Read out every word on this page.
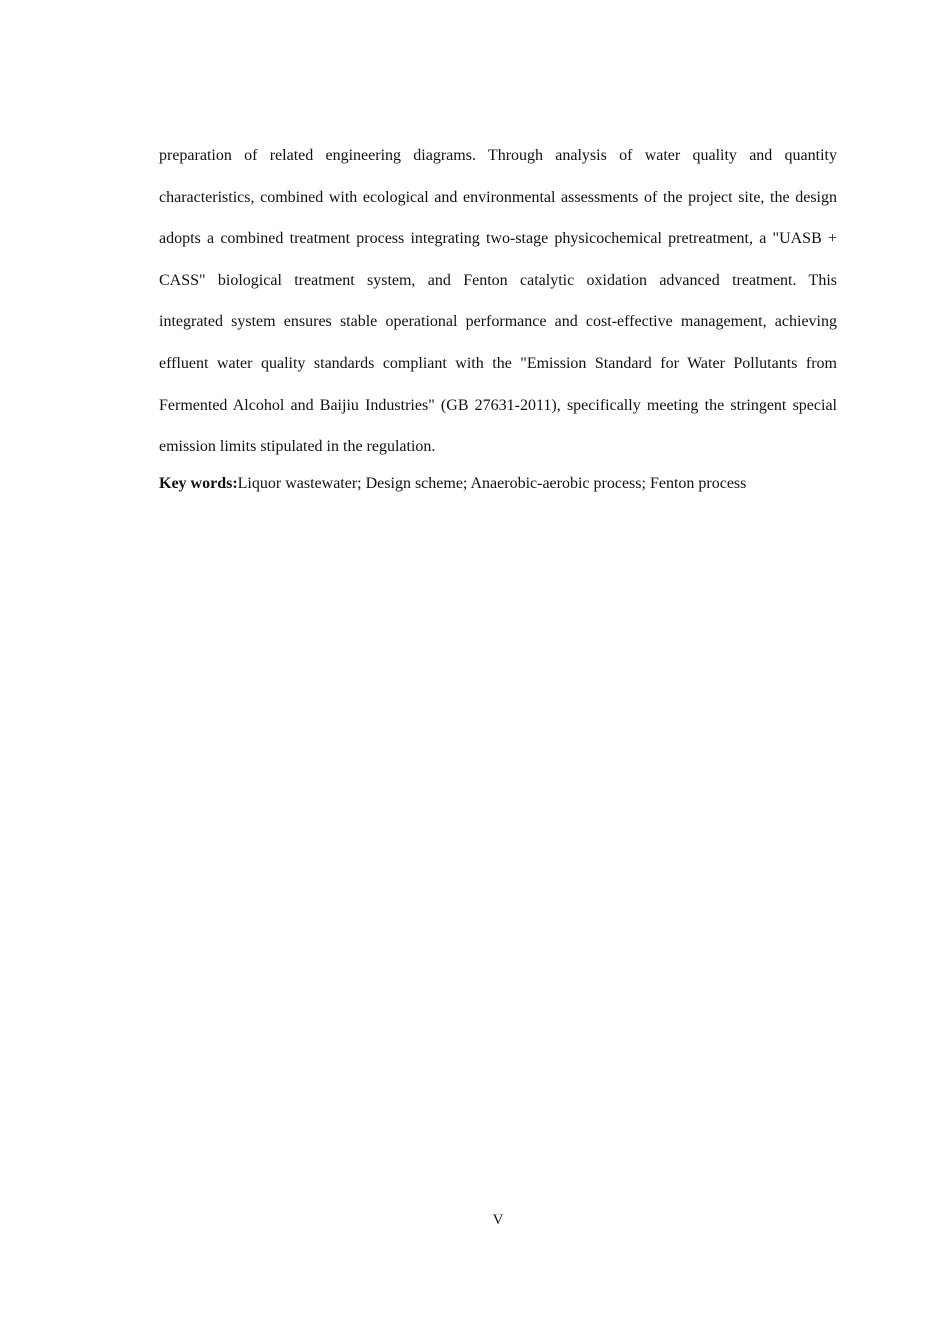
preparation of related engineering diagrams. Through analysis of water quality and quantity
characteristics, combined with ecological and environmental assessments of the project site, the design
adopts a combined treatment process integrating two-stage physicochemical pretreatment, a "UASB +
CASS" biological treatment system, and Fenton catalytic oxidation advanced treatment. This
integrated system ensures stable operational performance and cost-effective management, achieving
effluent water quality standards compliant with the "Emission Standard for Water Pollutants from
Fermented Alcohol and Baijiu Industries" (GB 27631-2011), specifically meeting the stringent special
emission limits stipulated in the regulation.
Key words:Liquor wastewater; Design scheme; Anaerobic-aerobic process; Fenton process
V
